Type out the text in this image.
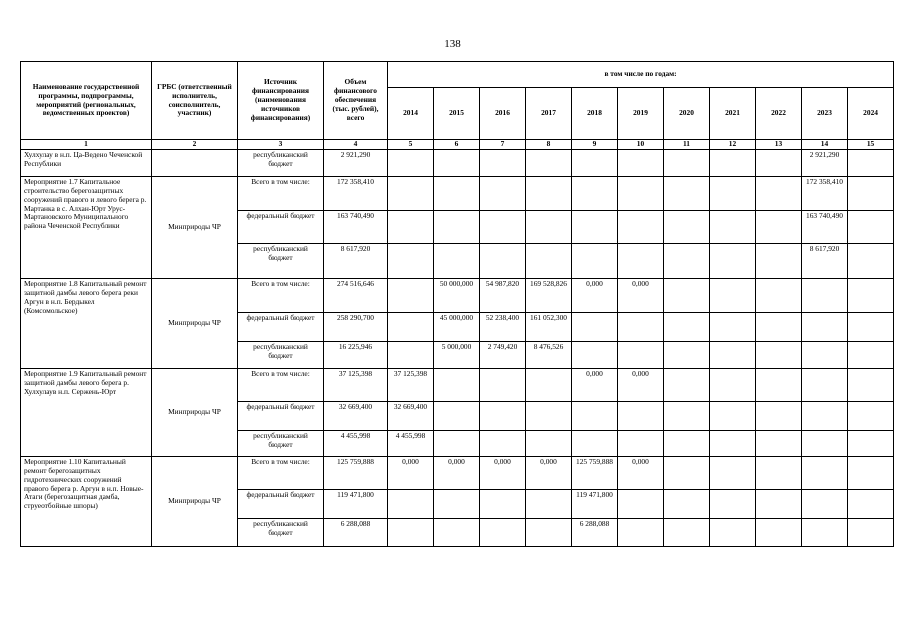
138
Наименование государственной программы, подпрограммы, мероприятий (региональных, ведомственных проектов)	ГРБС (ответственный исполнитель, соисполнитель, участник)	Источник финансирования (наименования источников финансирования)	Объем финансового обеспечения (тыс. рублей), всего	в том числе по годам:										
				2014	2015	2016	2017	2018	2019	2020	2021	2022	2023	2024
1	2	3	4	5	6	7	8	9	10	11	12	13	14	15
Хулхулау в н.п. Ца-Ведено Чеченской Республики		республиканский бюджет	2 921,290										2 921,290	
Мероприятие 1.7 Капитальное строительство берегозащитных сооружений правого и левого берега р. Мартанка в с. Алхан-Юрт Урус-Мартановского Муниципального района Чеченской Республики	Минприроды ЧР	Всего в том числе:	172 358,410										172 358,410	
		федеральный бюджет	163 740,490										163 740,490	
		республиканский бюджет	8 617,920										8 617,920	
Мероприятие 1.8 Капитальный ремонт защитной дамбы левого берега реки Аргун в н.п. Бердыкел (Комсомольское)	Минприроды ЧР	Всего в том числе:	274 516,646		50 000,000	54 987,820	169 528,826	0,000	0,000					
		федеральный бюджет	258 290,700		45 000,000	52 238,400	161 052,300							
		республиканский бюджет	16 225,946		5 000,000	2 749,420	8 476,526							
Мероприятие 1.9 Капитальный ремонт защитной дамбы левого берега р. Хулхулаув н.п. Сержень-Юрт	Минприроды ЧР	Всего в том числе:	37 125,398	37 125,398				0,000	0,000					
		федеральный бюджет	32 669,400	32 669,400										
		республиканский бюджет	4 455,998	4 455,998										
Мероприятие 1.10 Капитальный ремонт берегозащитных гидротехнических сооружений правого берега р. Аргун в н.п. Новые-Атаги (берегозащитная дамба, струеотбойные шпоры)	Минприроды ЧР	Всего в том числе:	125 759,888	0,000	0,000	0,000	0,000	125 759,888	0,000					
		федеральный бюджет	119 471,800					119 471,800						
		республиканский бюджет	6 288,088					6 288,088						
